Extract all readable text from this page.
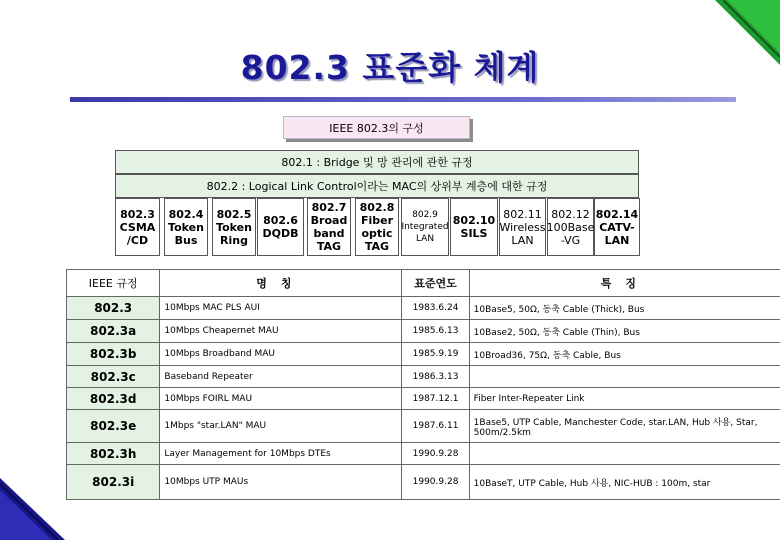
802.3 표준화 체계
IEEE 802.3의 구성
802.1 : Bridge 및 망 관리에 관한 규정
802.2 : Logical Link Control이라는 MAC의 상위부 계층에 대한 규정
802.3
CSMA
/CD
802.4
Token
Bus
802.5
Token
Ring
802.6
DQDB
802.7
Broad
band
TAG
802.8
Fiber
optic
TAG
802.9
Integrated
LAN
802.10
SILS
802.11
Wireless
LAN
802.12
100Base
-VG
802.14
CATV-
LAN
IEEE 규정	명칭	표준연도	특징
802.3	10Mbps MAC PLS AUI	1983.6.24	10Base5, 50Ω, 동축 Cable (Thick), Bus
802.3a	10Mbps Cheapernet MAU	1985.6.13	10Base2, 50Ω, 동축 Cable (Thin), Bus
802.3b	10Mbps Broadband MAU	1985.9.19	10Broad36, 75Ω, 동축 Cable, Bus
802.3c	Baseband Repeater	1986.3.13	
802.3d	10Mbps FOIRL MAU	1987.12.1	Fiber Inter-Repeater Link
802.3e	1Mbps "star.LAN" MAU	1987.6.11	1Base5, UTP Cable, Manchester Code, star.LAN, Hub 사용, Star, 500m/2.5km
802.3h	Layer Management for 10Mbps DTEs	1990.9.28	
802.3i	10Mbps UTP MAUs	1990.9.28	10BaseT, UTP Cable, Hub 사용, NIC-HUB : 100m, star
